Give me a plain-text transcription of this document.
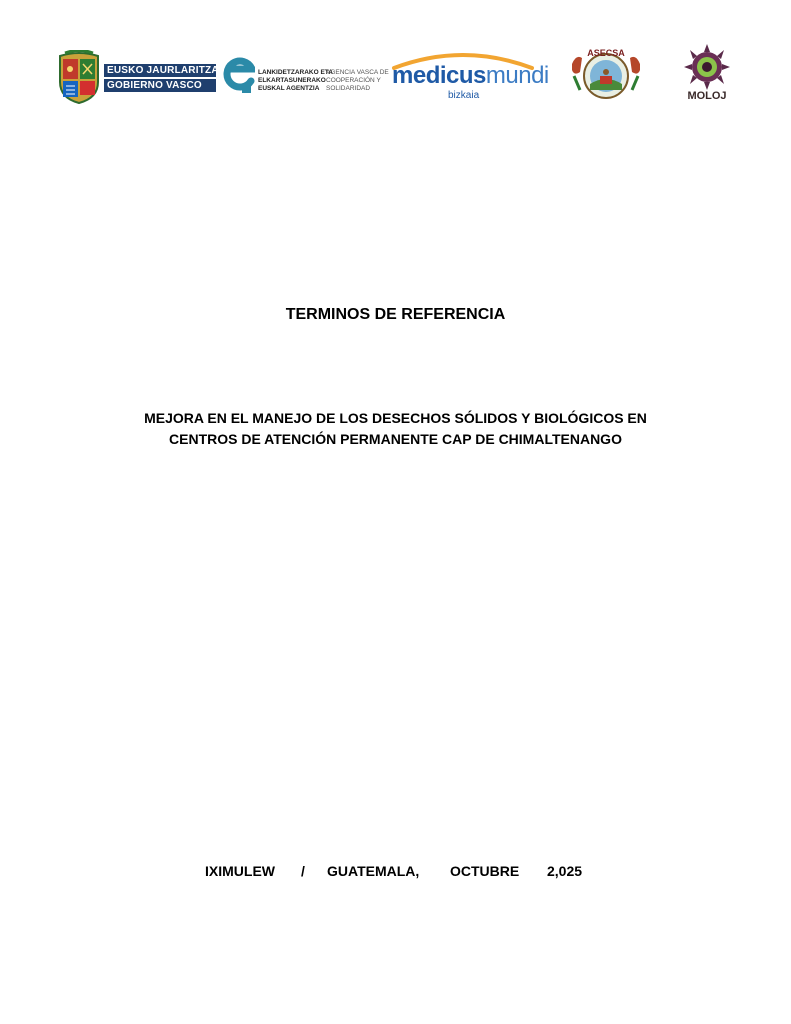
EUSKO JAURLARITZA
GOBIERNO VASCO
LANKIDETZARAKO ETA
ELKARTASUNERAKO
EUSKAL AGENTZIA
AGENCIA VASCA DE
COOPERACIÓN Y
SOLIDARIDAD medicusmundi
bizkaia
ASECSA
MOLOJ
TERMINOS DE REFERENCIA
MEJORA EN EL MANEJO DE LOS DESECHOS SÓLIDOS Y BIOLÓGICOS EN
CENTROS DE ATENCIÓN PERMANENTE CAP DE CHIMALTENANGO
IXIMULEW / GUATEMALA, OCTUBRE 2,025
